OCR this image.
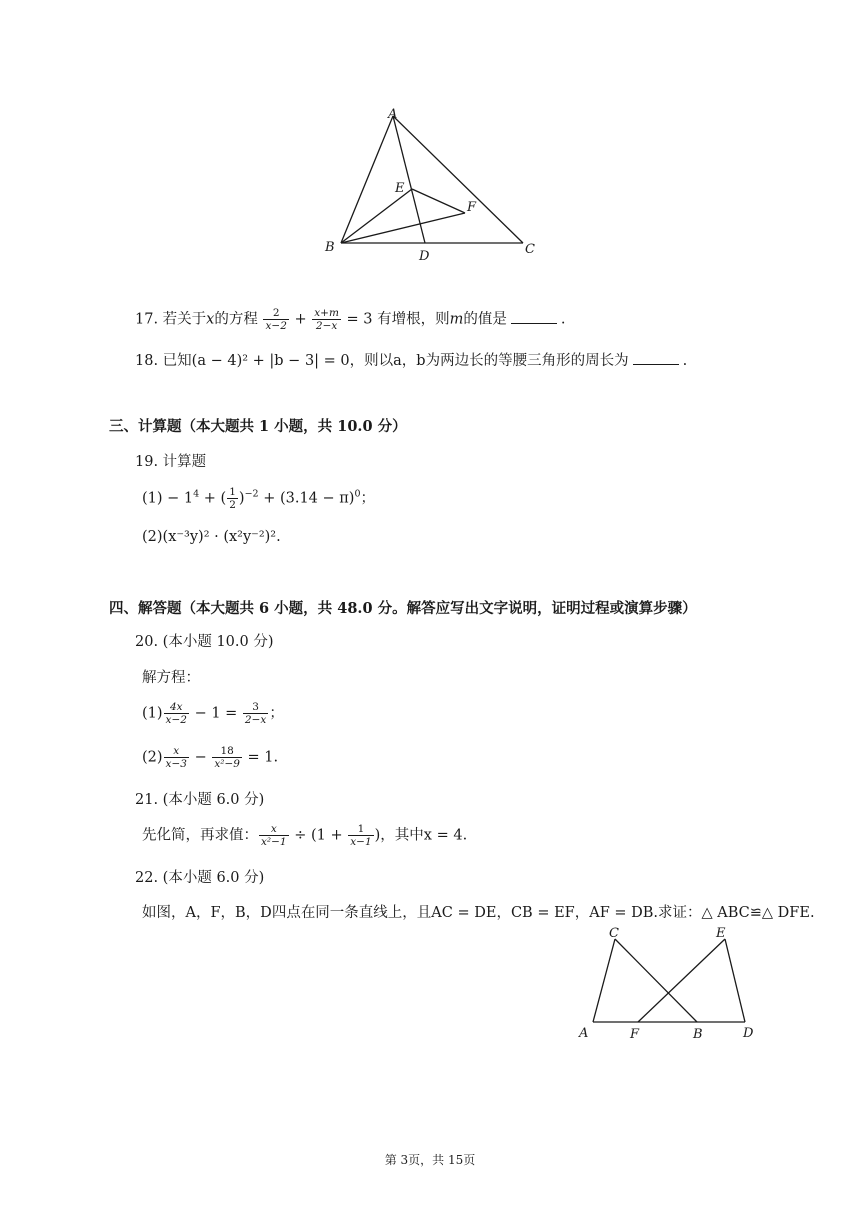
A
B	C
D
E
F
17. 若关于x的方程 $\frac{2}{x-2} + \frac{x+m}{2-x} = 3$ 有增根，则m的值是	.
18. 已知(a − 4)² + |b − 3| = 0，则以a，b为两边长的等腰三角形的周长为	.
三、计算题（本大题共 1 小题，共 10.0 分）
19. 计算题
$(1) - 1^4$ + ( $\frac{1}{2} )^{-2} + (3.14 - \pi)^0$；
(2)(x⁻³y)² · (x²y⁻²)².
四、解答题（本大题共 6 小题，共 48.0 分。解答应写出文字说明，证明过程或演算步骤）
20. (本小题 10.0 分)
解方程：
$(1) \frac{4x}{x-2} - 1 = \frac{3}{2-x}$ ；
$(2) \frac{x}{x-3} - \frac{18}{\text{x²−9}} = 1$.
21. (本小题 6.0 分)
先化简，再求值： $\frac{x}{\text{x²−1}} \div (1 + \frac{1}{x-1}$ )，其中x = 4.
22. (本小题 6.0 分)
如图，A，F，B，D四点在同一条直线上，且AC = DE，CB = EF，AF = DB.求证：△ ABC≌△ DFE.
A	F	B	D
C	E
第 3页，共 15页
